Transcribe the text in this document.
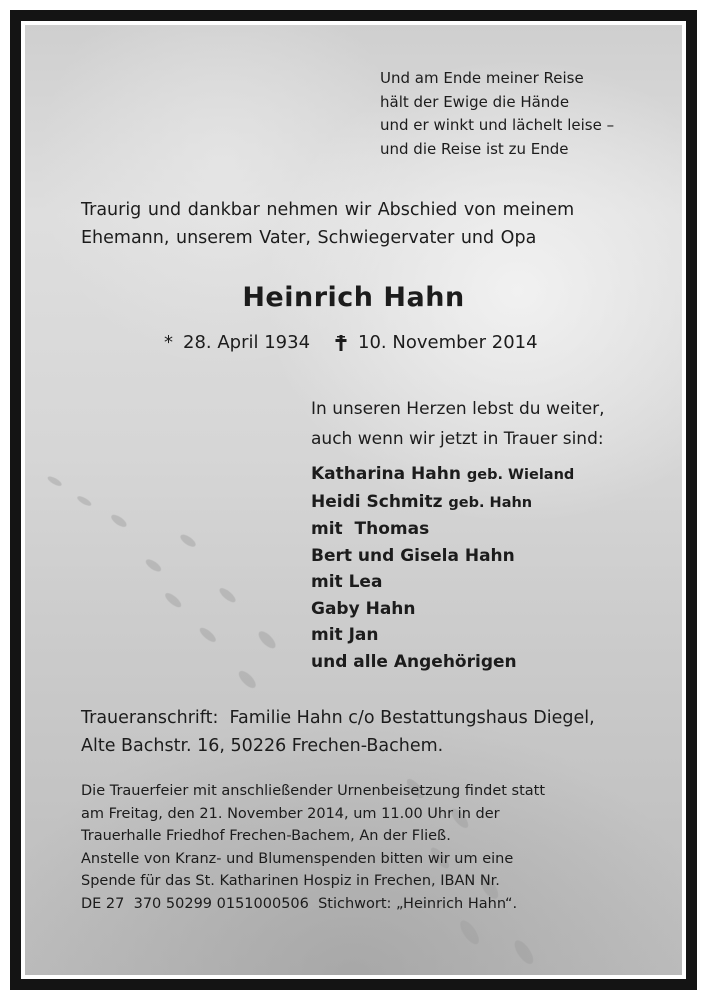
Und am Ende meiner Reise
hält der Ewige die Hände
und er winkt und lächelt leise –
und die Reise ist zu Ende
Traurig und dankbar nehmen wir Abschied von meinem
Ehemann, unserem Vater, Schwiegervater und Opa
Heinrich Hahn
* 28. April 1934	10. November 2014
In unseren Herzen lebst du weiter,
auch wenn wir jetzt in Trauer sind:
Katharina Hahn geb. Wieland
Heidi Schmitz geb. Hahn
mit  Thomas
Bert und Gisela Hahn
mit Lea
Gaby Hahn
mit Jan
und alle Angehörigen
Traueranschrift:  Familie Hahn c/o Bestattungshaus Diegel,
Alte Bachstr. 16, 50226 Frechen-Bachem.
Die Trauerfeier mit anschließender Urnenbeisetzung findet statt
am Freitag, den 21. November 2014, um 11.00 Uhr in der
Trauerhalle Friedhof Frechen-Bachem, An der Fließ.
Anstelle von Kranz- und Blumenspenden bitten wir um eine
Spende für das St. Katharinen Hospiz in Frechen, IBAN Nr.
DE 27  370 50299 0151000506  Stichwort: „Heinrich Hahn“.
